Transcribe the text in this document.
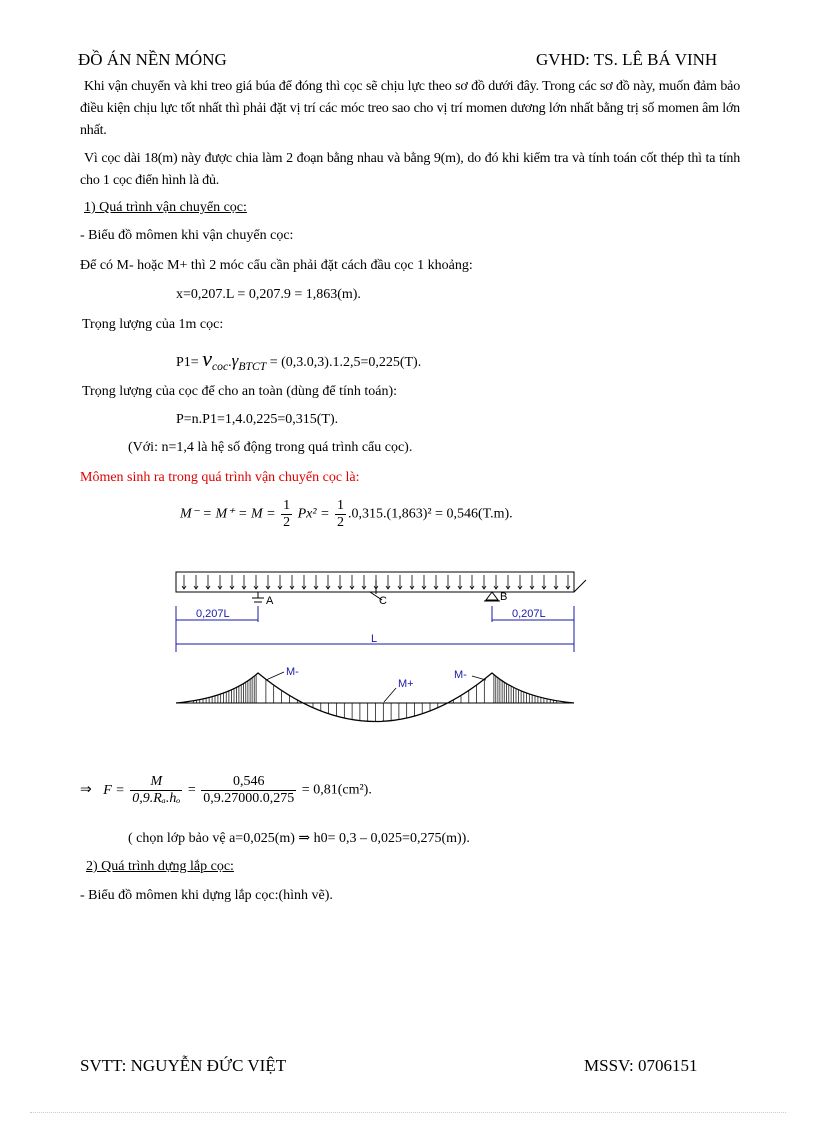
ĐỒ ÁN NỀN MÓNG	GVHD: TS. LÊ BÁ VINH
Khi vận chuyển và khi treo giá búa để đóng thì cọc sẽ chịu lực theo sơ đồ dưới đây. Trong các sơ đồ này, muốn đảm bảo điều kiện chịu lực tốt nhất thì phải đặt vị trí các móc treo sao cho vị trí momen dương lớn nhất bằng trị số momen âm lớn nhất.
Vì cọc dài 18(m) này được chia làm 2 đoạn bằng nhau và bằng 9(m), do đó khi kiểm tra và tính toán cốt thép thì ta tính cho 1 cọc điển hình là đủ.
1) Quá trình vận chuyển cọc:
- Biểu đồ mômen khi vận chuyển cọc:
Để có M- hoặc M+ thì 2 móc cẩu cần phải đặt cách đầu cọc 1 khoảng:
x=0,207.L = 0,207.9 = 1,863(m).
Trọng lượng của 1m cọc:
$P1= v_{coc}.\gamma_{BTCT} = (0,3.0,3).1.2,5=0,225(T)$.
Trọng lượng của cọc để cho an toàn (dùng để tính toán):
P=n.P1=1,4.0,225=0,315(T).
(Với: n=1,4 là hệ số động trong quá trình cẩu cọc).
Mômen sinh ra trong quá trình vận chuyển cọc là:
$M^- = M^+ = M = \frac{1}{2} Px^2 = \frac{1}{2} .0,315.(1,863)^2 = 0,546(T.m)$.
A	B
C
0,207L	0,207L
L
M-	M-
M+
⇒ $F = \frac{M}{\text{0,9.Rₐ.hₒ}} = \frac{0,546}{0,9.27000.0,275} = 0,81(cm^2)$.
( chọn lớp bảo vệ a=0,025(m) ⇒ h0= 0,3 – 0,025=0,275(m)).
2) Quá trình dựng lắp cọc:
- Biểu đồ mômen khi dựng lắp cọc:(hình vẽ).
SVTT: NGUYỄN ĐỨC VIỆT	MSSV: 0706151
